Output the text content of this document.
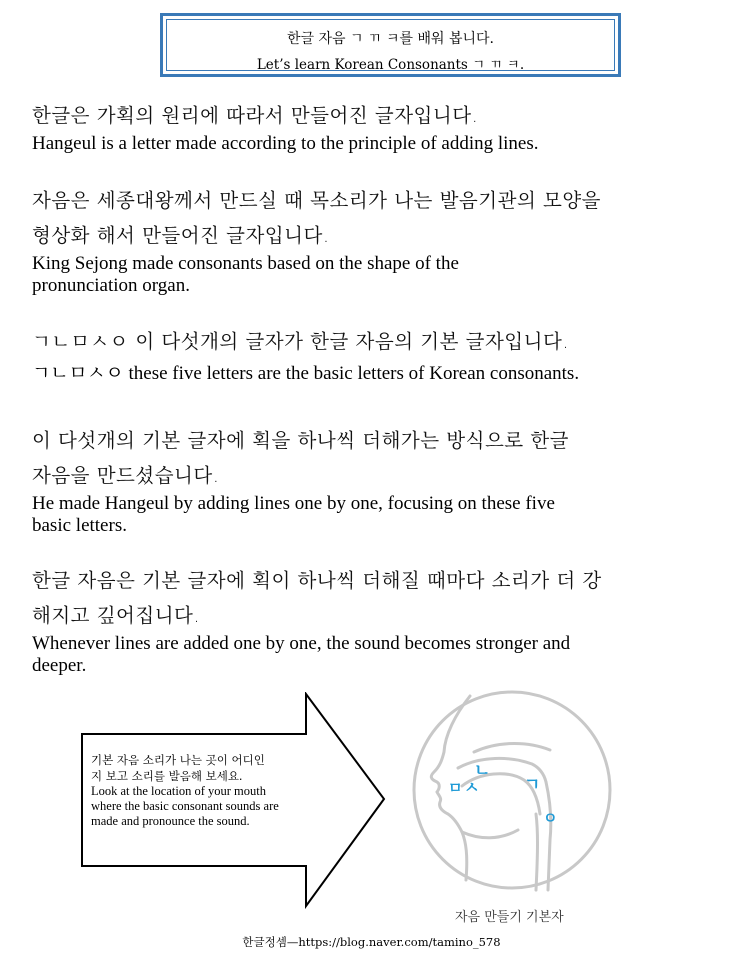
한글 자음 ㄱ ㄲ ㅋ를 배워 봅니다.
Let’s learn Korean Consonants ㄱ ㄲ ㅋ.
한글은 가획의 원리에 따라서 만들어진 글자입니다.
Hangeul is a letter made according to the principle of adding lines.
자음은 세종대왕께서 만드실 때 목소리가 나는 발음기관의 모양을
형상화 해서 만들어진 글자입니다.
King Sejong made consonants based on the shape of the
pronunciation organ.
ㄱㄴㅁㅅㅇ 이 다섯개의 글자가 한글 자음의 기본 글자입니다.
ㄱㄴㅁㅅㅇ these five letters are the basic letters of Korean consonants.
이 다섯개의 기본 글자에 획을 하나씩 더해가는 방식으로 한글
자음을 만드셨습니다.
He made Hangeul by adding lines one by one, focusing on these five
basic letters.
한글 자음은 기본 글자에 획이 하나씩 더해질 때마다 소리가 더 강
해지고 깊어집니다.
Whenever lines are added one by one, the sound becomes stronger and
deeper.
기본 자음 소리가 나는 곳이 어디인
지 보고 소리를 발음해 보세요.
Look at the location of your mouth
where the basic consonant sounds are
made and pronounce the sound.
ㅁ ㅅ
ㄴ
ㄱ
ㅇ
자음 만들기 기본자
한글정셈—https://blog.naver.com/tamino_578
